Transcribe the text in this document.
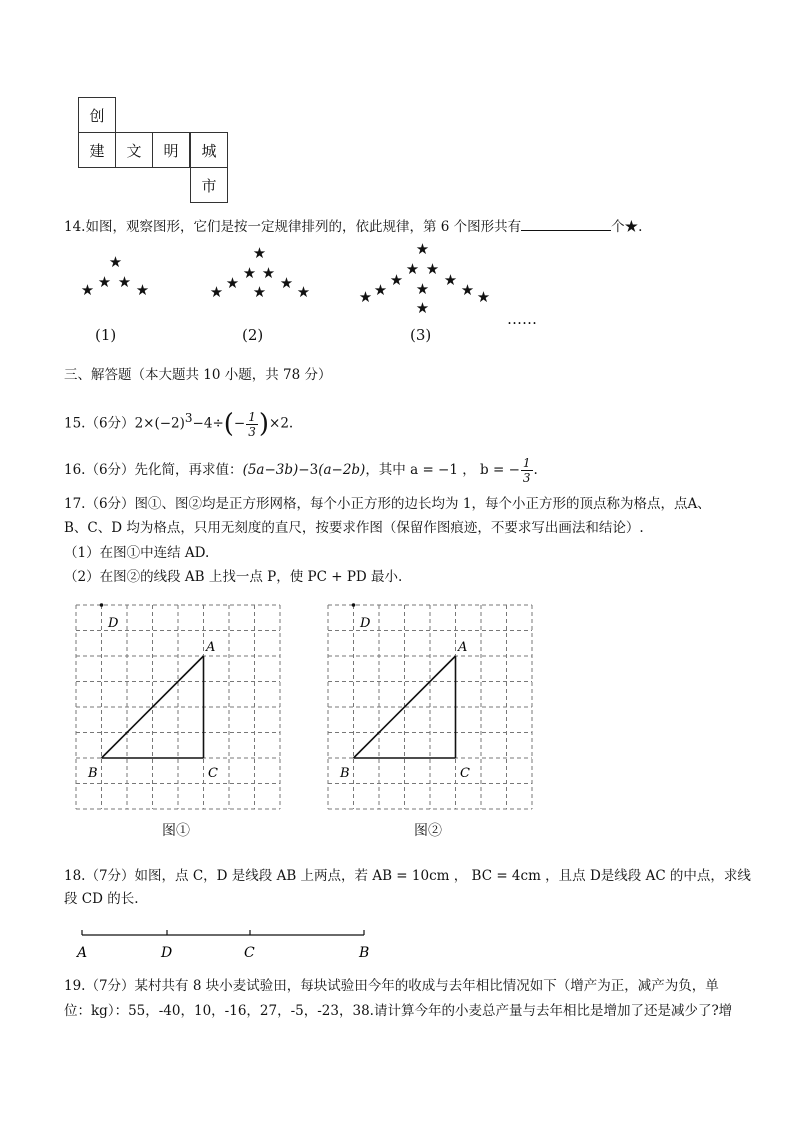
创
建	文	明	城
市
14.如图，观察图形，它们是按一定规律排列的，依此规律，第 6 个图形共有	个★.
★
★ ★ ★ ★
★
★ ★
★ ★ ★ ★ ★
★
★ ★
★ ★
★ ★
★
★
★ ★
(1)	(2)	(3)
……
三、解答题（本大题共 10 小题，共 78 分）
15.（6分）$2\times(-2)^3-4\div(- \frac{1}{3} )\times 2$.
16.（6分）先化简，再求值：(5a−3b)−3(a−2b)，其中 a = −1 ， b = − $\frac{1}{3}$ .
17.（6分）图①、图②均是正方形网格，每个小正方形的边长均为 1，每个小正方形的顶点称为格点，点A、
B、C、D 均为格点，只用无刻度的直尺，按要求作图（保留作图痕迹，不要求写出画法和结论）.
（1）在图①中连结 AD.
（2）在图②的线段 AB 上找一点 P，使 PC + PD 最小.
D
A
B	C
图①
D
A
B	C
图②
18.（7分）如图，点 C，D 是线段 AB 上两点，若 AB = 10cm ， BC = 4cm ，且点 D是线段 AC 的中点，求线
段 CD 的长.
A	D	C	B
19.（7分）某村共有 8 块小麦试验田，每块试验田今年的收成与去年相比情况如下（增产为正，减产为负，单
位：kg）：55，-40，10，-16，27，-5，-23，38.请计算今年的小麦总产量与去年相比是增加了还是减少了?增
